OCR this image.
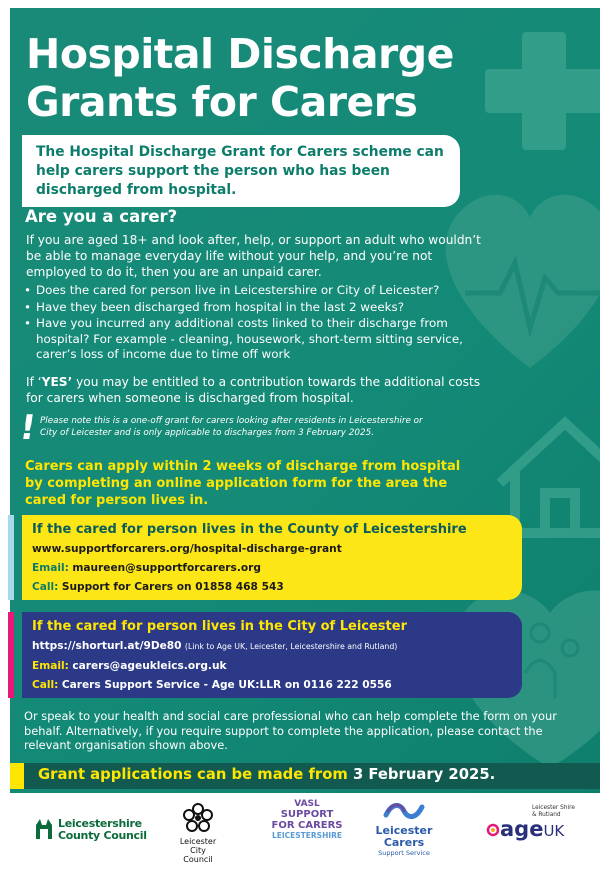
Hospital Discharge
Grants for Carers

The Hospital Discharge Grant for Carers scheme can help carers support the person who has been discharged from hospital.

Are you a carer?
If you are aged 18+ and look after, help, or support an adult who wouldn’t be able to manage everyday life without your help, and you’re not employed to do it, then you are an unpaid carer.
• Does the cared for person live in Leicestershire or City of Leicester?
• Have they been discharged from hospital in the last 2 weeks?
• Have you incurred any additional costs linked to their discharge from hospital? For example - cleaning, housework, short-term sitting service, carer’s loss of income due to time off work
If ‘YES’ you may be entitled to a contribution towards the additional costs for carers when someone is discharged from hospital.
! Please note this is a one-off grant for carers looking after residents in Leicestershire or City of Leicester and is only applicable to discharges from 3 February 2025.
Carers can apply within 2 weeks of discharge from hospital by completing an online application form for the area the cared for person lives in.
If the cared for person lives in the County of Leicestershire
www.supportforcarers.org/hospital-discharge-grant
Email: maureen@supportforcarers.org
Call: Support for Carers on 01858 468 543
If the cared for person lives in the City of Leicester
https://shorturl.at/9De80 (Link to Age UK, Leicester, Leicestershire and Rutland)
Email: carers@ageukleics.org.uk
Call: Carers Support Service - Age UK:LLR on 0116 222 0556
Or speak to your health and social care professional who can help complete the form on your behalf. Alternatively, if you require support to complete the application, please contact the relevant organisation shown above.
Grant applications can be made from 3 February 2025.
Leicestershire
County Council	Leicester
City Council
VASL
SUPPORT
FOR CARERS
LEICESTERSHIRE	Leicester
Carers
Support Service
Leicester Shire
& Rutland
ageUK
